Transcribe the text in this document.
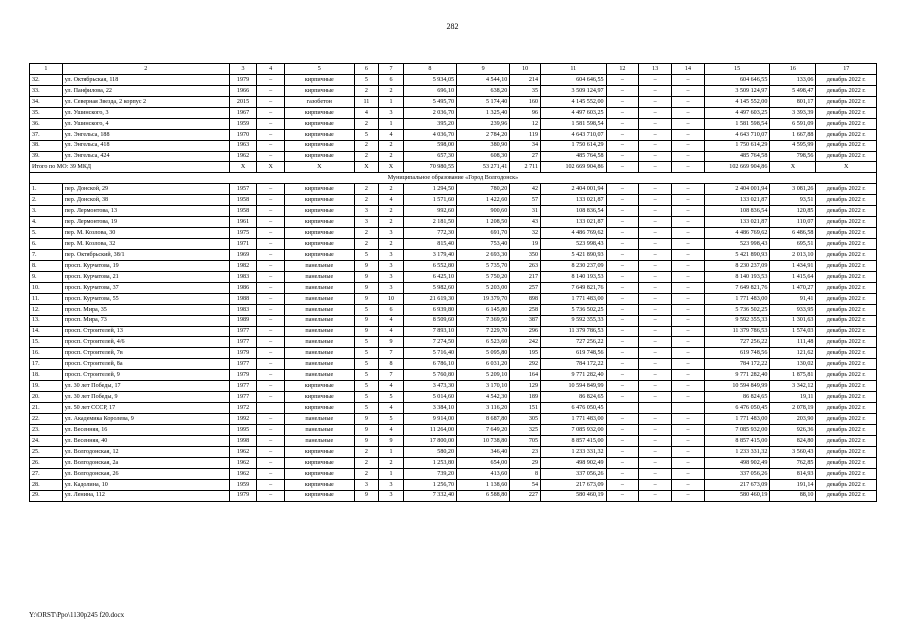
282
1	2	3	4	5	6	7	8	9	10	11	12	13	14	15	16	17
32.	ул. Октябрьская, 118	1979	–	кирпичные	5	6	5 934,05	4 544,10	214	604 646,55	–	–	–	604 646,55	133,06	декабрь 2022 г.
33.	ул. Панфилова, 22	1966	–	кирпичные	2	2	696,10	638,20	35	3 509 124,97	–	–	–	3 509 124,97	5 498,47	декабрь 2022 г.
34.	ул. Северная Звезда, 2 корпус 2	2015	–	газобетон	11	1	5 495,70	5 174,40	160	4 145 552,00	–	–	–	4 145 552,00	801,17	декабрь 2022 г.
35.	ул. Ушинского, 3	1967	–	кирпичные	4	3	2 036,70	1 325,40	96	4 497 603,25	–	–	–	4 497 603,25	3 393,39	декабрь 2022 г.
36.	ул. Ушинского, 4	1959	–	кирпичные	2	1	395,20	239,96	12	1 581 598,54	–	–	–	1 581 598,54	6 591,09	декабрь 2022 г.
37.	ул. Энгельса, 188	1970	–	кирпичные	5	4	4 036,70	2 784,20	119	4 643 710,07	–	–	–	4 643 710,07	1 667,88	декабрь 2022 г.
38.	ул. Энгельса, 418	1963	–	кирпичные	2	2	598,00	380,90	34	1 750 614,29	–	–	–	1 750 614,29	4 595,99	декабрь 2022 г.
39.	ул. Энгельса, 424	1962	–	кирпичные	2	2	657,30	608,30	27	485 764,58	–	–	–	485 764,58	798,56	декабрь 2022 г.
Итого по МО: 39 МКД		X	X	X	X	X	70 980,55	53 271,41	2 711	102 669 904,86	–	–	–	102 669 904,86	X	X
Муниципальное образование «Город Волгодонск»																
1.	пер. Донской, 29	1957	–	кирпичные	2	2	1 294,50	780,20	42	2 404 001,94	–	–	–	2 404 001,94	3 081,26	декабрь 2022 г.
2.	пер. Донской, 38	1958	–	кирпичные	2	4	1 571,60	1 422,60	57	133 021,87	–	–	–	133 021,87	93,51	декабрь 2022 г.
3.	пер. Лермонтова, 13	1958	–	кирпичные	3	2	992,60	900,60	31	108 836,54	–	–	–	108 836,54	120,85	декабрь 2022 г.
4.	пер. Лермонтова, 19	1961	–	кирпичные	3	2	2 181,50	1 208,50	43	133 021,87	–	–	–	133 021,87	110,07	декабрь 2022 г.
5.	пер. М. Козлова, 30	1975	–	кирпичные	2	3	772,30	691,70	32	4 486 769,62	–	–	–	4 486 769,62	6 486,58	декабрь 2022 г.
6.	пер. М. Козлова, 32	1971	–	кирпичные	2	2	815,40	753,40	19	523 998,43	–	–	–	523 998,43	695,51	декабрь 2022 г.
7.	пер. Октябрьский, 38/1	1969	–	кирпичные	5	3	3 179,40	2 693,30	350	5 421 890,93	–	–	–	5 421 890,93	2 013,10	декабрь 2022 г.
8.	просп. Курчатова, 19	1982	–	панельные	9	3	6 552,80	5 735,70	263	8 230 237,09	–	–	–	8 230 237,09	1 434,91	декабрь 2022 г.
9.	просп. Курчатова, 21	1983	–	панельные	9	3	6 425,10	5 750,20	217	8 140 193,53	–	–	–	8 140 193,53	1 415,64	декабрь 2022 г.
10.	просп. Курчатова, 37	1986	–	панельные	9	3	5 982,60	5 203,00	257	7 649 821,76	–	–	–	7 649 821,76	1 470,27	декабрь 2022 г.
11.	просп. Курчатова, 55	1988	–	панельные	9	10	21 619,30	19 379,70	898	1 771 483,00	–	–	–	1 771 483,00	91,41	декабрь 2022 г.
12.	просп. Мира, 35	1983	–	панельные	5	6	6 939,80	6 145,80	258	5 736 502,25	–	–	–	5 736 502,25	933,95	декабрь 2022 г.
13.	просп. Мира, 73	1989	–	панельные	9	4	8 509,60	7 369,50	387	9 592 355,33	–	–	–	9 592 355,33	1 301,63	декабрь 2022 г.
14.	просп. Строителей, 13	1977	–	панельные	9	4	7 893,10	7 229,70	296	11 379 786,53	–	–	–	11 379 786,53	1 574,03	декабрь 2022 г.
15.	просп. Строителей, 4/6	1977	–	панельные	5	9	7 274,50	6 523,60	242	727 256,22	–	–	–	727 256,22	111,48	декабрь 2022 г.
16.	просп. Строителей, 7в	1979	–	панельные	5	7	5 716,40	5 095,80	195	619 748,56	–	–	–	619 748,56	121,62	декабрь 2022 г.
17.	просп. Строителей, 8а	1977	–	панельные	5	8	6 786,10	6 031,20	292	784 172,22	–	–	–	784 172,22	130,02	декабрь 2022 г.
18.	просп. Строителей, 9	1979	–	панельные	5	7	5 760,80	5 209,10	164	9 771 282,40	–	–	–	9 771 282,40	1 875,81	декабрь 2022 г.
19.	ул. 30 лет Победы, 17	1977	–	кирпичные	5	4	3 473,30	3 170,10	129	10 594 849,99	–	–	–	10 594 849,99	3 342,12	декабрь 2022 г.
20.	ул. 30 лет Победы, 9	1977	–	кирпичные	5	5	5 014,60	4 542,30	189	86 824,65	–	–	–	86 824,65	19,11	декабрь 2022 г.
21.	ул. 50 лет СССР, 17	1972		кирпичные	5	4	3 384,10	3 116,20	151	6 476 050,45				6 476 050,45	2 078,19	декабрь 2022 г.
22.	ул. Академика Королева, 9	1992	–	панельные	9	5	9 914,00	8 687,80	305	1 771 483,00	–	–	–	1 771 483,00	203,90	декабрь 2022 г.
23.	ул. Весенняя, 16	1995	–	панельные	9	4	11 264,00	7 649,20	325	7 085 932,00	–	–	–	7 085 932,00	926,36	декабрь 2022 г.
24.	ул. Весенняя, 40	1998	–	панельные	9	9	17 800,00	10 738,80	705	8 857 415,00	–	–	–	8 857 415,00	824,80	декабрь 2022 г.
25.	ул. Волгодонская, 12	1962	–	кирпичные	2	1	580,20	346,40	23	1 233 331,32	–	–	–	1 233 331,32	3 560,43	декабрь 2022 г.
26.	ул. Волгодонская, 2а	1962	–	кирпичные	2	2	1 253,80	654,00	29	498 902,49	–	–	–	498 902,49	762,85	декабрь 2022 г.
27.	ул. Волгодонская, 26	1962	–	кирпичные	2	1	739,20	413,60	8	337 056,26	–	–	–	337 056,26	814,93	декабрь 2022 г.
28.	ул. Кадолина, 10	1959	–	кирпичные	3	3	1 256,70	1 138,60	54	217 673,09	–	–	–	217 673,09	191,14	декабрь 2022 г.
29.	ул. Ленина, 112	1979	–	кирпичные	9	3	7 332,40	6 588,80	227	580 460,19	–	–	–	580 460,19	88,10	декабрь 2022 г.
Y:\ORST\Ppo\1130p245 f20.docx
